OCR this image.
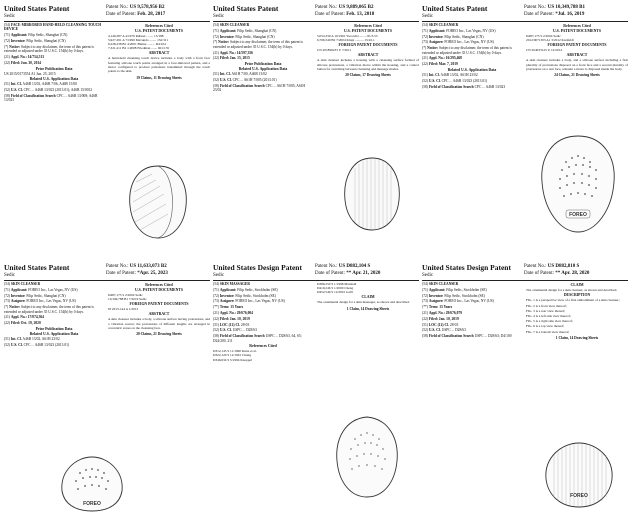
United States Patent
Sedic
Patent No.: US 9,578,956 B2
Date of Patent: Feb. 28, 2017
(54) FACE-MIRRORED HAND-HELD CLEANSING TOUCH DEVICE
(71) Applicant: Filip Sedic, Shanghai (CN)
(72) Inventor: Filip Sedic, Shanghai (CN)
(*) Notice: Subject to any disclaimer, the term of this patent is extended or adjusted under 35 U.S.C. 154(b) by 0 days.
(21) Appl. No.: 14/754,513
(22) Filed: Jun. 30, 2014
Prior Publication Data
US 2015/0173554 A1 Jun. 25, 2015
Related U.S. Application Data
(51) Int. Cl. A46B 13/02, A46B 7/06, A46B 15/00
(52) U.S. Cl. CPC ... A46B 13/023 (2013.01); A46B 15/0012
(58) Field of Classification Search CPC ... A46B 13/008; A46B 13/023
References Cited
U.S. PATENT DOCUMENTS
4,149,287 A 4/1979 Rubner ........ 15/188
5,927,291 A 7/1999 Mavundo ........ 132/311
6,228,238 B1 4/2001 Blaine ......... D4/104
7,321,211 B2 1/2008 Friedman ....... 601/135
ABSTRACT
A hand-held cleansing touch device includes a body with a front face featuring silicone touch points arranged in a face-mirrored pattern, and a motor configured to produce pulsations transmitted through the touch points to the skin.
19 Claims, 11 Drawing Sheets
United States Patent
Sedic
Patent No.: US 9,889,065 B2
Date of Patent: Feb. 13, 2018
(54) SKIN CLEANSER
(71) Applicant: Filip Sedic, Shanghai (CN)
(72) Inventor: Filip Sedic, Shanghai (CN)
(*) Notice: Subject to any disclaimer, the term of this patent is extended or adjusted under 35 U.S.C. 154(b) by 0 days.
(21) Appl. No.: 14/597,356
(22) Filed: Jan. 15, 2015
Prior Publication Data
Related U.S. Application Data
(51) Int. Cl. A61H 7/00, A46B 13/02
(52) U.S. Cl. CPC ... A61H 7/005 (2013.01)
(58) Field of Classification Search CPC ... A61H 7/005; A61H 23/02
References Cited
U.S. PATENT DOCUMENTS
5,054,339 A 10/1991 Yacowitz ........ 81/3.55
6,766,549 B2 7/2004 Klupt .......... 15/22.1
FOREIGN PATENT DOCUMENTS
CN 201899233 U 7/2011
ABSTRACT
A skin cleanser includes a housing with a cleansing surface formed of silicone protrusions, a vibration motor within the housing, and a control button for switching between cleansing and massage modes.
20 Claims, 17 Drawing Sheets
United States Patent
Sedic
Patent No.: US 10,349,788 B1
Date of Patent: *Jul. 16, 2019
(54) SKIN CLEANSER
(71) Applicant: FOREO Inc., Las Vegas, NV (US)
(72) Inventor: Filip Sedic, Shanghai (CN)
(73) Assignee: FOREO Inc., Las Vegas, NV (US)
(*) Notice: Subject to any disclaimer, the term of this patent is extended or adjusted under 35 U.S.C. 154(b) by 0 days.
(21) Appl. No.: 16/295,468
(22) Filed: Mar. 7, 2019
Related U.S. Application Data
(51) Int. Cl. A46B 13/02, A61H 23/02
(52) U.S. Cl. CPC ... A46B 13/023 (2013.01)
(58) Field of Classification Search CPC ... A46B 13/023
References Cited
U.S. PATENT DOCUMENTS
D487,173 S 2/2004 Sedic
2012/0071303 A1 3/2012 Kreifeldt
FOREIGN PATENT DOCUMENTS
CN 204033125 U 12/2014
ABSTRACT
A skin cleanser includes a body, and a silicone surface including a first plurality of protrusions disposed on a front face and a second plurality of protrusions on a rear face, wherein a motor is disposed inside the body.
24 Claims, 21 Drawing Sheets
FOREO
United States Patent
Sedic
Patent No.: US 11,633,073 B2
Date of Patent: *Apr. 25, 2023
(54) SKIN CLEANSER
(71) Applicant: FOREO Inc., Las Vegas, NV (US)
(72) Inventor: Filip Sedic, Shanghai (CN)
(73) Assignee: FOREO Inc., Las Vegas, NV (US)
(*) Notice: Subject to any disclaimer, the term of this patent is extended or adjusted under 35 U.S.C. 154(b) by 0 days.
(21) Appl. No.: 17/074,364
(22) Filed: Oct. 19, 2020
Prior Publication Data
Related U.S. Application Data
(51) Int. Cl. A46B 13/02, A61H 23/02
(52) U.S. Cl. CPC ... A46B 13/023 (2013.01)
References Cited
U.S. PATENT DOCUMENTS
D487,173 S 2/2004 Sedic
10,349,788 B1 7/2019 Sedic
FOREIGN PATENT DOCUMENTS
JP 2013-144 A 1/2013
ABSTRACT
A skin cleanser includes a body, a silicone surface having protrusions, and a vibration source; the protrusions of different lengths are arranged in concentric zones on the cleansing face.
20 Claims, 21 Drawing Sheets
FOREO
United States Design Patent
Sedic
Patent No.: US D882,104 S
Date of Patent: ** Apr. 21, 2020
(54) SKIN MASSAGER
(71) Applicant: Filip Sedic, Stockholm (SE)
(72) Inventor: Filip Sedic, Stockholm (SE)
(73) Assignee: FOREO Inc., Las Vegas, NV (US)
(**) Term: 15 Years
(21) Appl. No.: 29/676,004
(22) Filed: Jan. 10, 2019
(51) LOC (12) Cl. 28-03
(52) U.S. Cl. USPC ... D28/63
(58) Field of Classification Search USPC ... D28/63, 64, 65; D24/200, 211
References Cited
D312,145 S 11/1990 Kunz et al.
D322,129 S 12/1991 Chung
D346,634 S 5/1994 Knoppel
D389,250 S 1/1998 Marshall
D419,246 S 1/2000 Cheng
D452,549 S 12/2001 Galli
CLAIM
The ornamental design for a skin massager, as shown and described.
1 Claim, 14 Drawing Sheets
United States Design Patent
Sedic
Patent No.: US D882,810 S
Date of Patent: ** Apr. 28, 2020
(54) SKIN CLEANSER
(71) Applicant: Filip Sedic, Stockholm (SE)
(72) Inventor: Filip Sedic, Stockholm (SE)
(73) Assignee: FOREO Inc., Las Vegas, NV (US)
(**) Term: 15 Years
(21) Appl. No.: 29/676,079
(22) Filed: Jan. 10, 2019
(51) LOC (12) Cl. 28-03
(52) U.S. Cl. USPC ... D28/63
(58) Field of Classification Search USPC ... D28/63; D4/100
CLAIM
The ornamental design for a skin cleanser, as shown and described.
DESCRIPTION
FIG. 1 is a perspective view of a first embodiment of a skin cleanser;
FIG. 2 is a front view thereof;
FIG. 3 is a rear view thereof;
FIG. 4 is a left side view thereof;
FIG. 5 is a right side view thereof;
FIG. 6 is a top view thereof;
FIG. 7 is a bottom view thereof.
1 Claim, 14 Drawing Sheets
FOREO
